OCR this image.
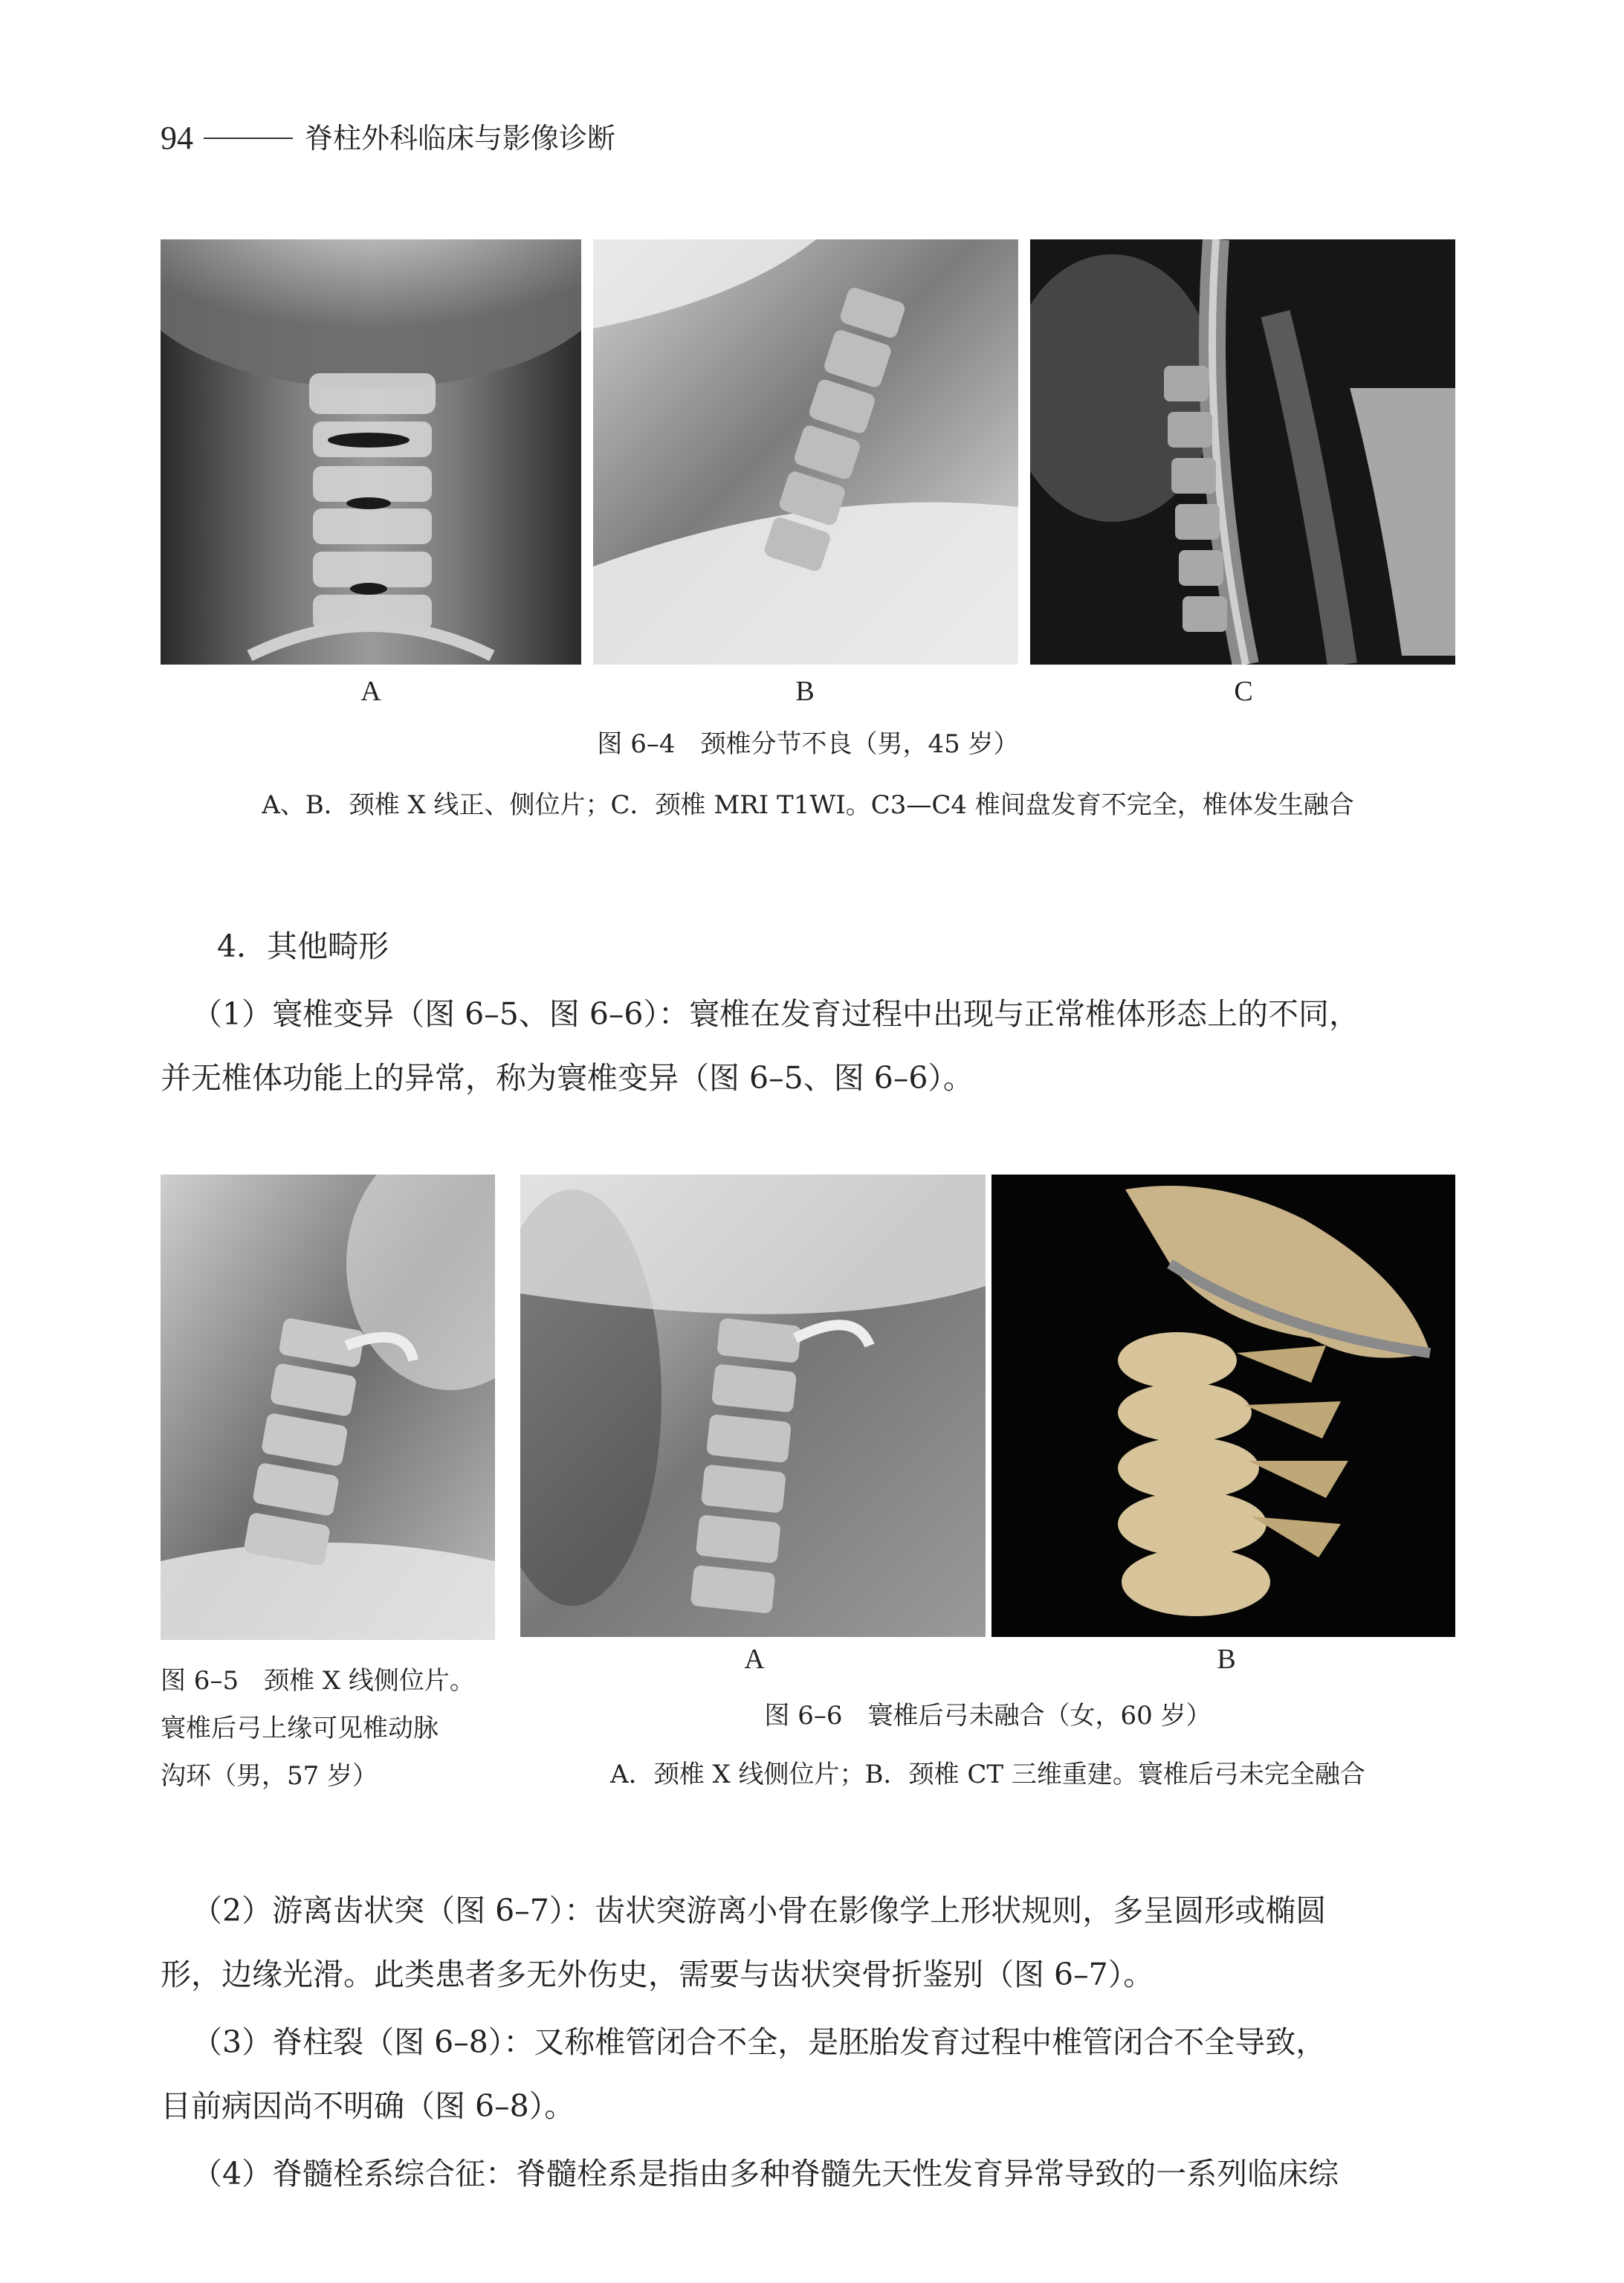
94	脊柱外科临床与影像诊断
A	B	C
图 6–4　颈椎分节不良（男，45 岁）
A、B．颈椎 X 线正、侧位片；C．颈椎 MRI T1WI。C3—C4 椎间盘发育不完全，椎体发生融合
4．其他畸形
（1）寰椎变异（图 6–5、图 6–6）：寰椎在发育过程中出现与正常椎体形态上的不同，
并无椎体功能上的异常，称为寰椎变异（图 6–5、图 6–6）。
图 6–5　颈椎 X 线侧位片。
寰椎后弓上缘可见椎动脉
沟环（男，57 岁）
A	B
图 6–6　寰椎后弓未融合（女，60 岁）
A．颈椎 X 线侧位片；B．颈椎 CT 三维重建。寰椎后弓未完全融合
（2）游离齿状突（图 6–7）：齿状突游离小骨在影像学上形状规则，多呈圆形或椭圆
形，边缘光滑。此类患者多无外伤史，需要与齿状突骨折鉴别（图 6–7）。
（3）脊柱裂（图 6–8）：又称椎管闭合不全，是胚胎发育过程中椎管闭合不全导致，
目前病因尚不明确（图 6–8）。
（4）脊髓栓系综合征：脊髓栓系是指由多种脊髓先天性发育异常导致的一系列临床综
